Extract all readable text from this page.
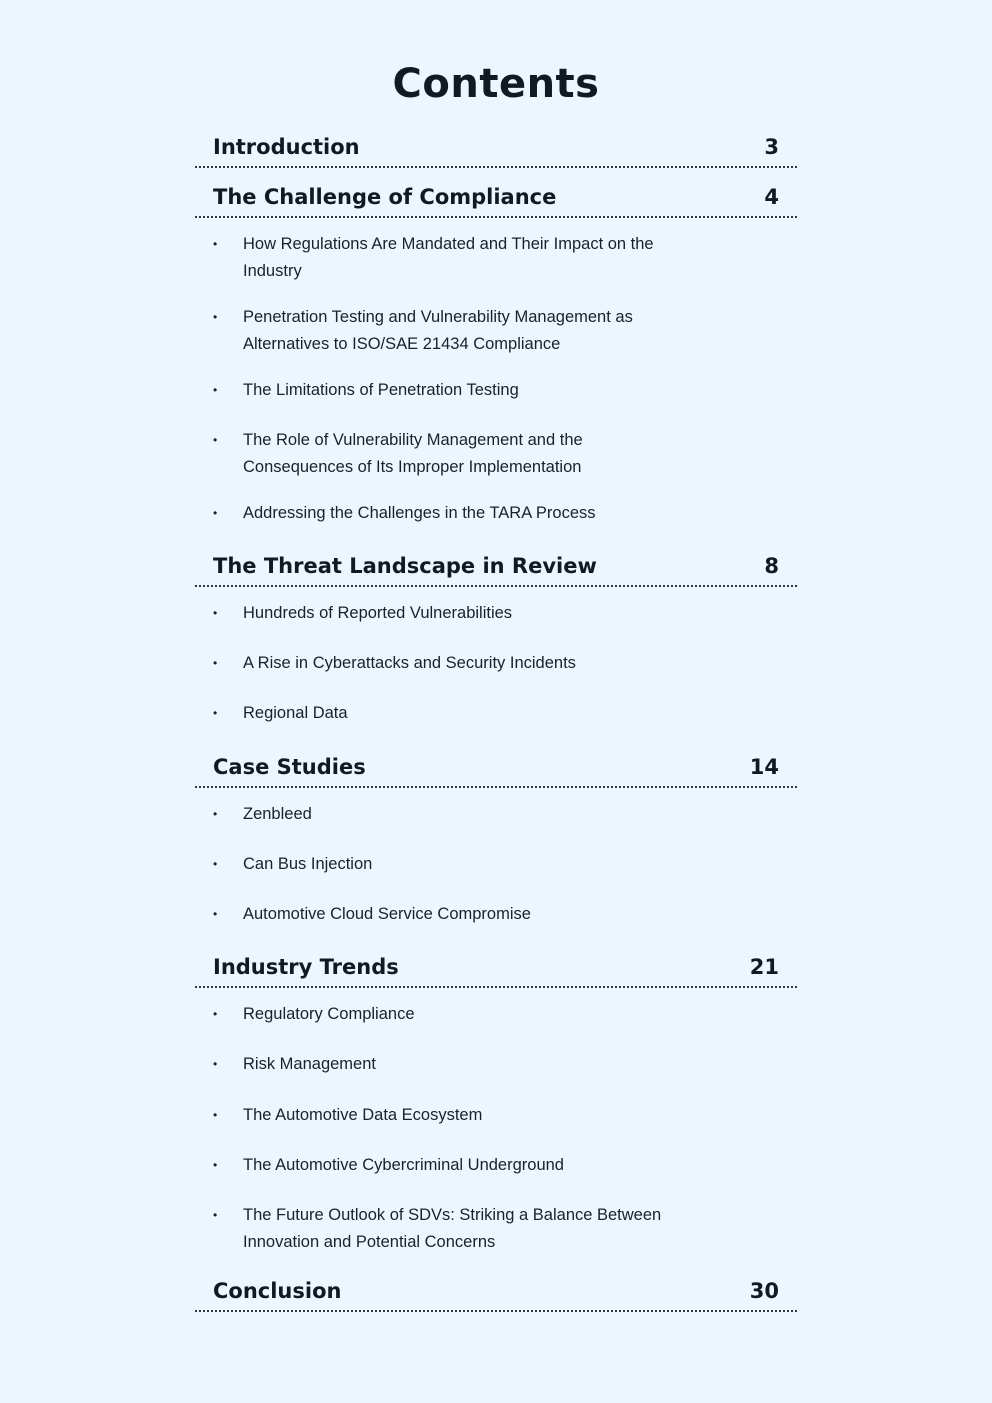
Contents
Introduction	3
The Challenge of Compliance	4
• How Regulations Are Mandated and Their Impact on the Industry
• Penetration Testing and Vulnerability Management as Alternatives to ISO/SAE 21434 Compliance
• The Limitations of Penetration Testing
• The Role of Vulnerability Management and the Consequences of Its Improper Implementation
• Addressing the Challenges in the TARA Process
The Threat Landscape in Review	8
• Hundreds of Reported Vulnerabilities
• A Rise in Cyberattacks and Security Incidents
• Regional Data
Case Studies	14
• Zenbleed
• Can Bus Injection
• Automotive Cloud Service Compromise
Industry Trends	21
• Regulatory Compliance
• Risk Management
• The Automotive Data Ecosystem
• The Automotive Cybercriminal Underground
• The Future Outlook of SDVs: Striking a Balance Between Innovation and Potential Concerns
Conclusion	30
